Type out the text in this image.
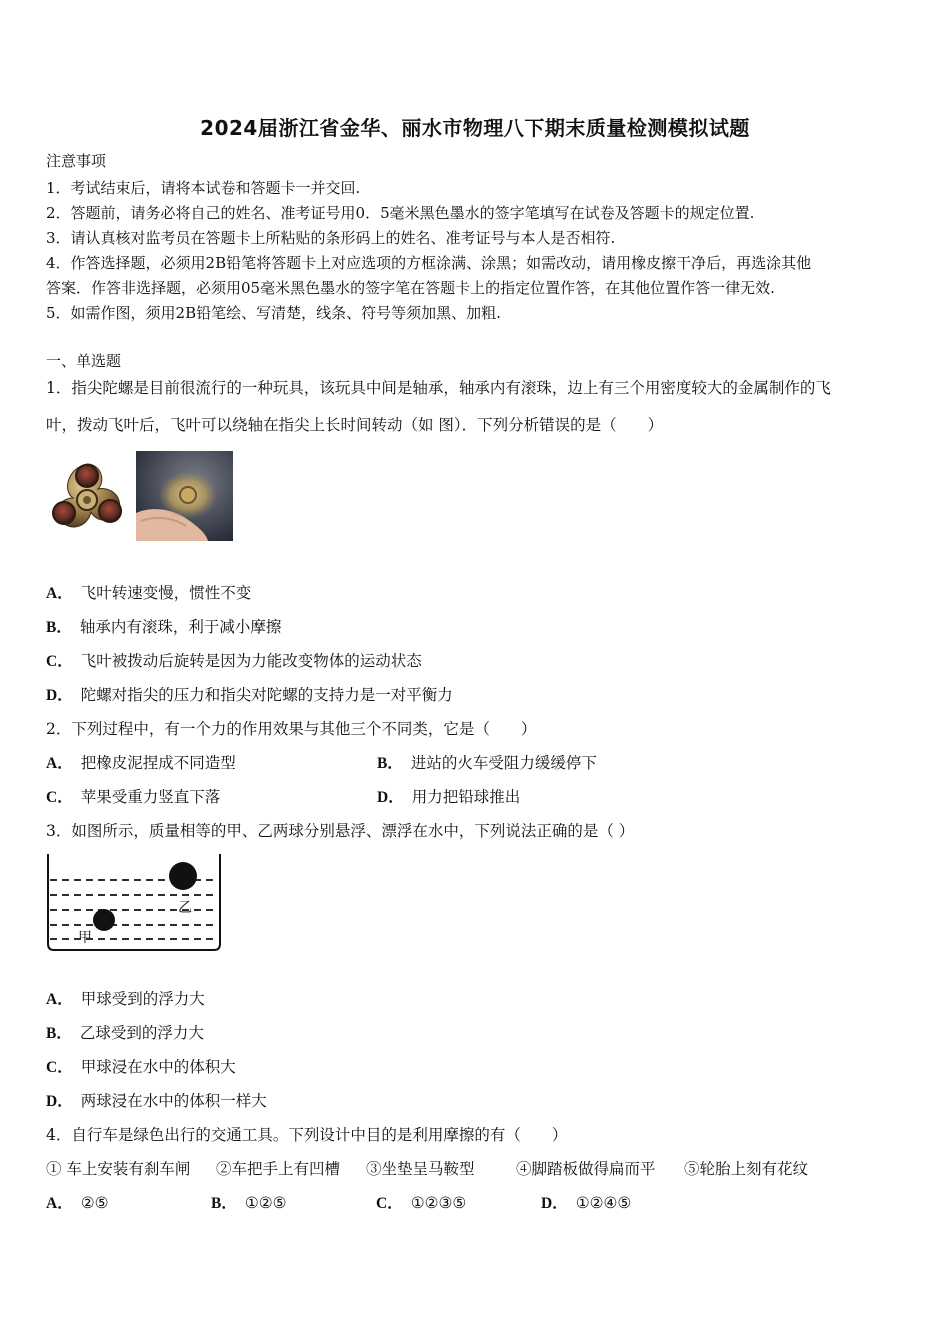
2024届浙江省金华、丽水市物理八下期末质量检测模拟试题
注意事项
1．考试结束后，请将本试卷和答题卡一并交回.
2．答题前，请务必将自己的姓名、准考证号用0．5毫米黑色墨水的签字笔填写在试卷及答题卡的规定位置.
3．请认真核对监考员在答题卡上所粘贴的条形码上的姓名、准考证号与本人是否相符.
4．作答选择题，必须用2B铅笔将答题卡上对应选项的方框涂满、涂黑；如需改动，请用橡皮擦干净后，再选涂其他
答案．作答非选择题，必须用05毫米黑色墨水的签字笔在答题卡上的指定位置作答，在其他位置作答一律无效.
5．如需作图，须用2B铅笔绘、写清楚，线条、符号等须加黑、加粗.
一、单选题
1．指尖陀螺是目前很流行的一种玩具，该玩具中间是轴承，轴承内有滚珠，边上有三个用密度较大的金属制作的飞
叶，拨动飞叶后，飞叶可以绕轴在指尖上长时间转动（如 图）．下列分析错误的是（　　）
A． 飞叶转速变慢，惯性不变
B． 轴承内有滚珠，利于减小摩擦
C． 飞叶被拨动后旋转是因为力能改变物体的运动状态
D． 陀螺对指尖的压力和指尖对陀螺的支持力是一对平衡力
2．下列过程中，有一个力的作用效果与其他三个不同类，它是（　　）
A． 把橡皮泥捏成不同造型	B． 进站的火车受阻力缓缓停下
C． 苹果受重力竖直下落	D． 用力把铅球推出
3．如图所示，质量相等的甲、乙两球分别悬浮、漂浮在水中，下列说法正确的是（ ）
乙
甲
A． 甲球受到的浮力大
B． 乙球受到的浮力大
C． 甲球浸在水中的体积大
D． 两球浸在水中的体积一样大
4．自行车是绿色出行的交通工具。下列设计中目的是利用摩擦的有（　　）
① 车上安装有刹车闸 ②车把手上有凹槽 ③坐垫呈马鞍型	④脚踏板做得扁而平 ⑤轮胎上刻有花纹
A． ②⑤	B． ①②⑤	C． ①②③⑤	D． ①②④⑤
